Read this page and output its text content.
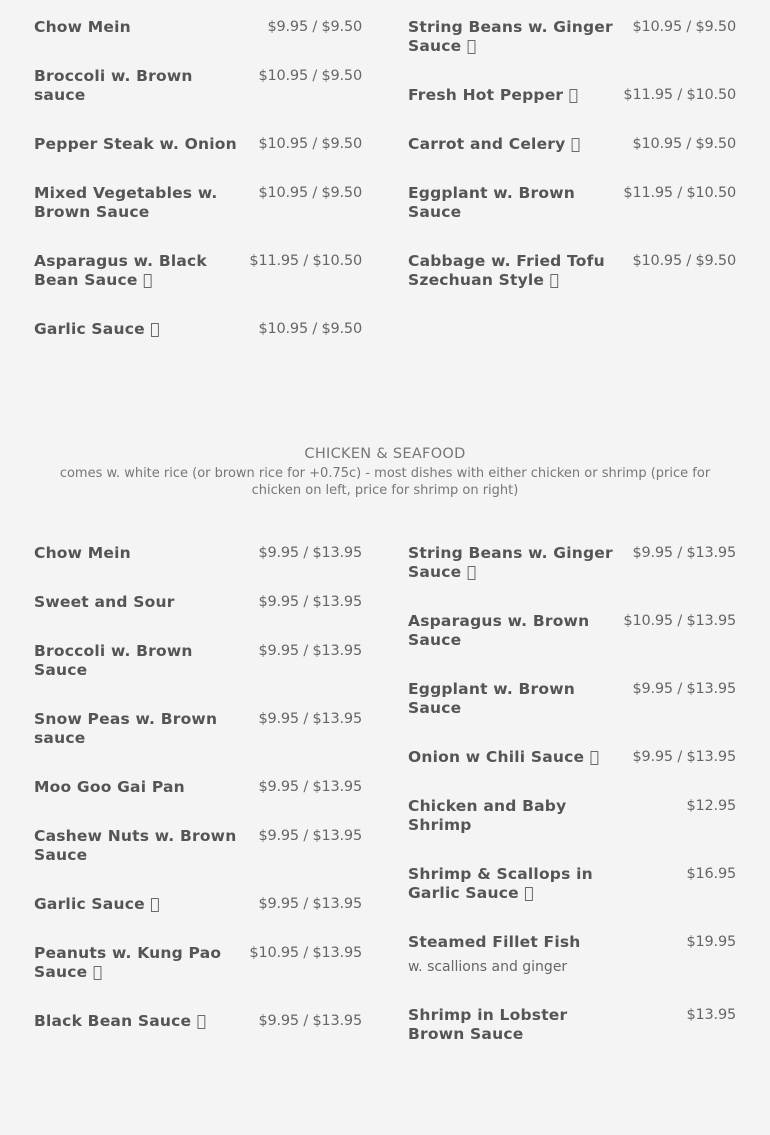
Chow Mein	$9.95 / $9.50
Broccoli w. Brown sauce
$10.95 / $9.50
Pepper Steak w. Onion $10.95 / $9.50
Mixed Vegetables w. Brown Sauce
$10.95 / $9.50
Asparagus w. Black Bean Sauce  
$11.95 / $10.50
Garlic Sauce  	$10.95 / $9.50
String Beans w. Ginger Sauce  
$10.95 / $9.50
Fresh Hot Pepper  	$11.95 / $10.50
Carrot and Celery  	$10.95 / $9.50
Eggplant w. Brown Sauce
$11.95 / $10.50
Cabbage w. Fried Tofu Szechuan Style  
$10.95 / $9.50
CHICKEN & SEAFOOD
comes w. white rice (or brown rice for +0.75c) - most dishes with either chicken or shrimp (price for chicken on left, price for shrimp on right)
Chow Mein	$9.95 / $13.95
Sweet and Sour	$9.95 / $13.95
Broccoli w. Brown Sauce
$9.95 / $13.95
Snow Peas w. Brown sauce
$9.95 / $13.95
Moo Goo Gai Pan	$9.95 / $13.95
Cashew Nuts w. Brown Sauce
$9.95 / $13.95
Garlic Sauce  	$9.95 / $13.95
Peanuts w. Kung Pao Sauce  
$10.95 / $13.95
Black Bean Sauce  	$9.95 / $13.95
String Beans w. Ginger Sauce  
$9.95 / $13.95
Asparagus w. Brown Sauce
$10.95 / $13.95
Eggplant w. Brown Sauce
$9.95 / $13.95
Onion w Chili Sauce   $9.95 / $13.95
Chicken and Baby Shrimp
$12.95
Shrimp & Scallops in Garlic Sauce  
$16.95
Steamed Fillet Fish	$19.95
w. scallions and ginger
Shrimp in Lobster Brown Sauce
$13.95
